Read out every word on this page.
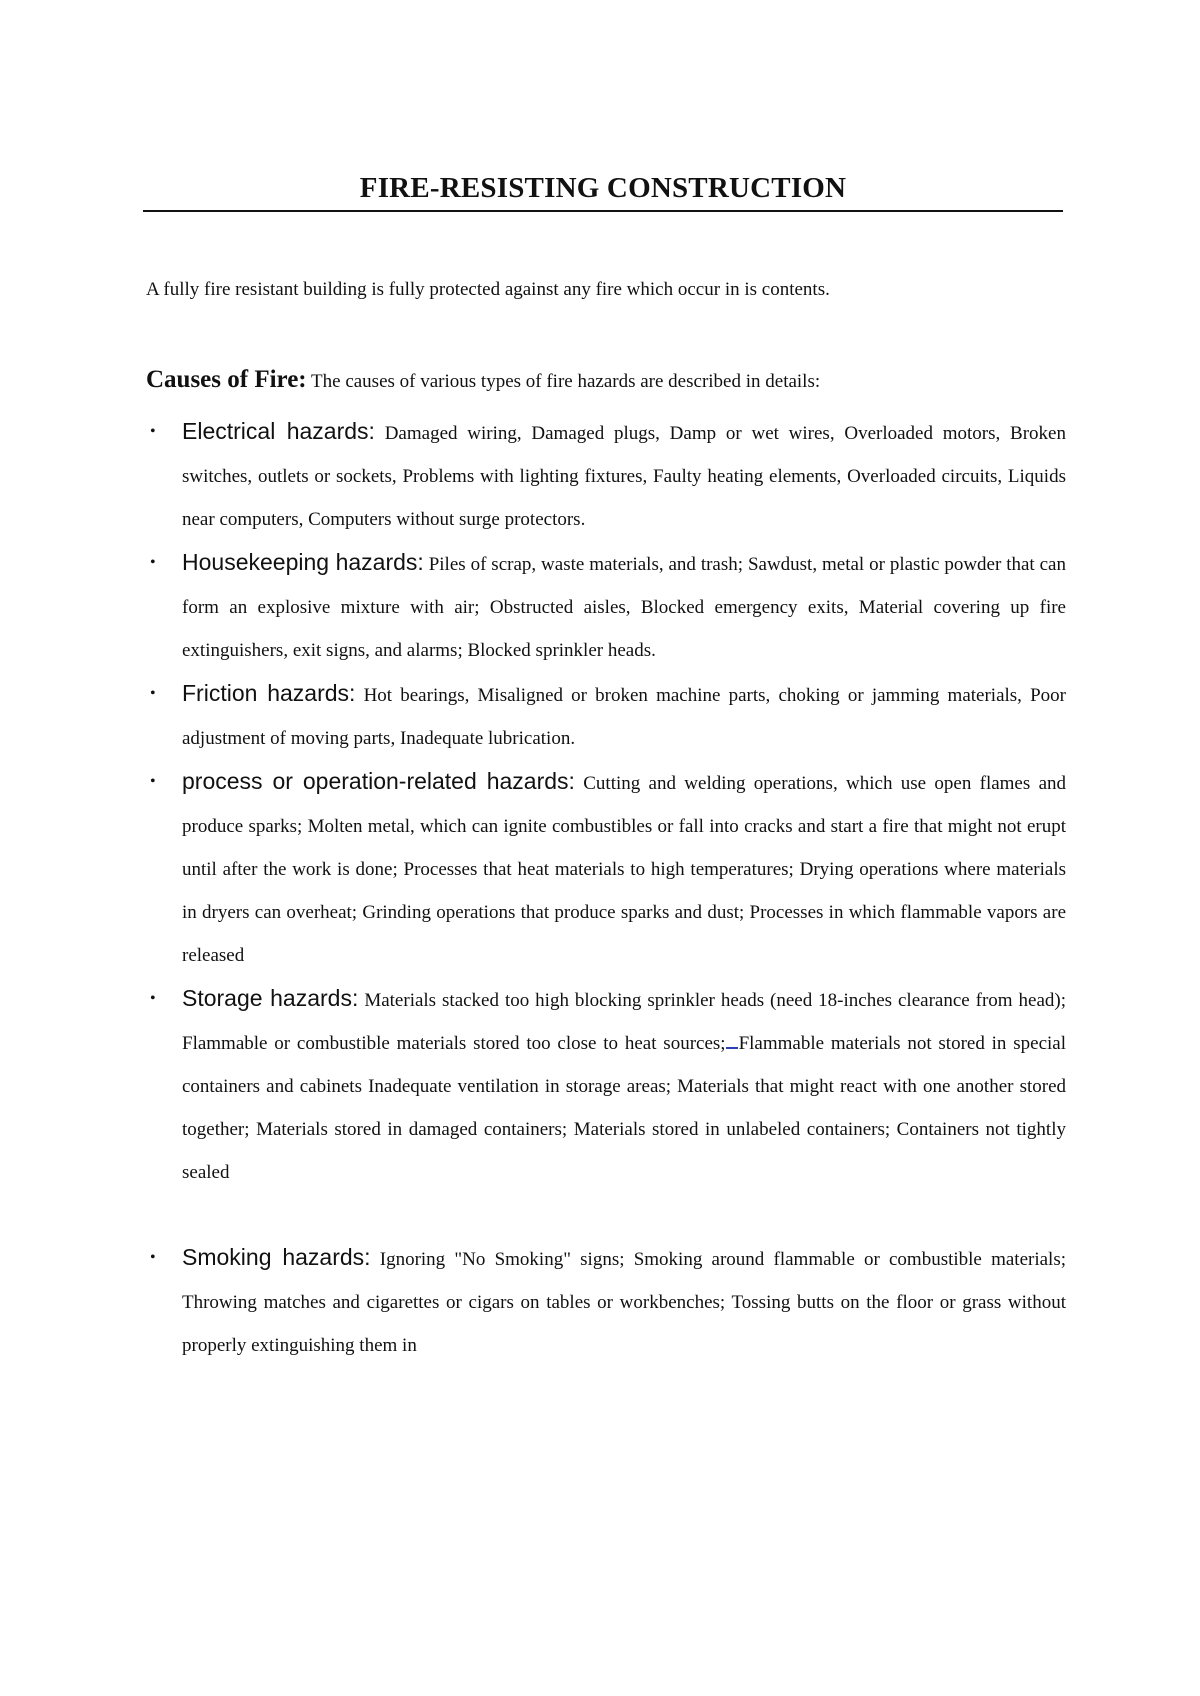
FIRE-RESISTING CONSTRUCTION
A fully fire resistant building is fully protected against any fire which occur in is contents.
Causes of Fire: The causes of various types of fire hazards are described in details:
• Electrical hazards: Damaged wiring, Damaged plugs, Damp or wet wires, Overloaded motors, Broken switches, outlets or sockets, Problems with lighting fixtures, Faulty heating elements, Overloaded circuits, Liquids near computers, Computers without surge protectors.
• Housekeeping hazards: Piles of scrap, waste materials, and trash; Sawdust, metal or plastic powder that can form an explosive mixture with air; Obstructed aisles, Blocked emergency exits, Material covering up fire extinguishers, exit signs, and alarms; Blocked sprinkler heads.
• Friction hazards: Hot bearings, Misaligned or broken machine parts, choking or jamming materials, Poor adjustment of moving parts, Inadequate lubrication.
• process or operation-related hazards: Cutting and welding operations, which use open flames and produce sparks; Molten metal, which can ignite combustibles or fall into cracks and start a fire that might not erupt until after the work is done; Processes that heat materials to high temperatures; Drying operations where materials in dryers can overheat; Grinding operations that produce sparks and dust; Processes in which flammable vapors are released
• Storage hazards: Materials stacked too high blocking sprinkler heads (need 18-inches clearance from head); Flammable or combustible materials stored too close to heat sources; Flammable materials not stored in special containers and cabinets Inadequate ventilation in storage areas; Materials that might react with one another stored together; Materials stored in damaged containers; Materials stored in unlabeled containers; Containers not tightly sealed
• Smoking hazards: Ignoring "No Smoking" signs; Smoking around flammable or combustible materials; Throwing matches and cigarettes or cigars on tables or workbenches; Tossing butts on the floor or grass without properly extinguishing them in
